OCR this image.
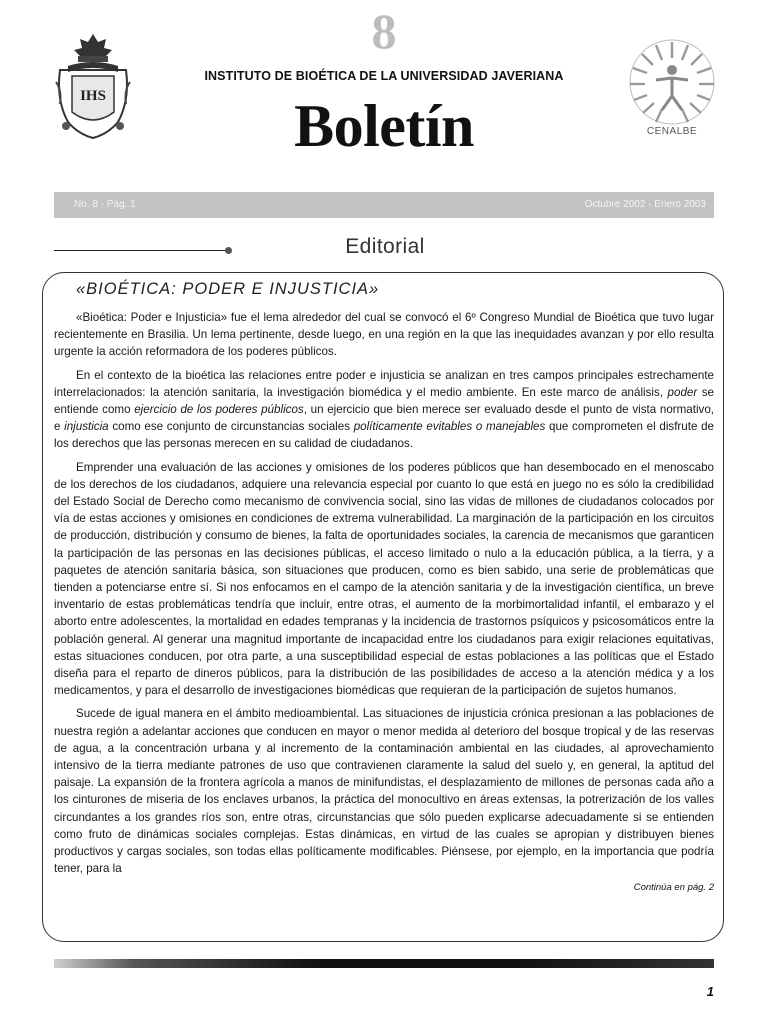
IHS
8
INSTITUTO DE BIOÉTICA DE LA UNIVERSIDAD JAVERIANA
Boletín	CENALBE
No. 8 - Pág. 1	Octubre 2002 - Enero 2003
Editorial
«BIOÉTICA: PODER E INJUSTICIA»

«Bioética: Poder e Injusticia» fue el lema alrededor del cual se convocó el 6º Congreso Mundial de Bioética que tuvo lugar recientemente en Brasilia. Un lema pertinente, desde luego, en una región en la que las inequidades avanzan y por ello resulta urgente la acción reformadora de los poderes públicos.

En el contexto de la bioética las relaciones entre poder e injusticia se analizan en tres campos principales estrechamente interrelacionados: la atención sanitaria, la investigación biomédica y el medio ambiente. En este marco de análisis, poder se entiende como ejercicio de los poderes públicos, un ejercicio que bien merece ser evaluado desde el punto de vista normativo, e injusticia como ese conjunto de circunstancias sociales políticamente evitables o manejables que comprometen el disfrute de los derechos que las personas merecen en su calidad de ciudadanos.

Emprender una evaluación de las acciones y omisiones de los poderes públicos que han desembocado en el menoscabo de los derechos de los ciudadanos, adquiere una relevancia especial por cuanto lo que está en juego no es sólo la credibilidad del Estado Social de Derecho como mecanismo de convivencia social, sino las vidas de millones de ciudadanos colocados por vía de estas acciones y omisiones en condiciones de extrema vulnerabilidad. La marginación de la participación en los circuitos de producción, distribución y consumo de bienes, la falta de oportunidades sociales, la carencia de mecanismos que garanticen la participación de las personas en las decisiones públicas, el acceso limitado o nulo a la educación pública, a la tierra, y a paquetes de atención sanitaria básica, son situaciones que producen, como es bien sabido, una serie de problemáticas que tienden a potenciarse entre sí. Si nos enfocamos en el campo de la atención sanitaria y de la investigación científica, un breve inventario de estas problemáticas tendría que incluir, entre otras, el aumento de la morbimortalidad infantil, el embarazo y el aborto entre adolescentes, la mortalidad en edades tempranas y la incidencia de trastornos psíquicos y psicosomáticos entre la población general. Al generar una magnitud importante de incapacidad entre los ciudadanos para exigir relaciones equitativas, estas situaciones conducen, por otra parte, a una susceptibilidad especial de estas poblaciones a las políticas que el Estado diseña para el reparto de dineros públicos, para la distribución de las posibilidades de acceso a la atención médica y a los medicamentos, y para el desarrollo de investigaciones biomédicas que requieran de la participación de sujetos humanos.

Sucede de igual manera en el ámbito medioambiental. Las situaciones de injusticia crónica presionan a las poblaciones de nuestra región a adelantar acciones que conducen en mayor o menor medida al deterioro del bosque tropical y de las reservas de agua, a la concentración urbana y al incremento de la contaminación ambiental en las ciudades, al aprovechamiento intensivo de la tierra mediante patrones de uso que contravienen claramente la salud del suelo y, en general, la aptitud del paisaje. La expansión de la frontera agrícola a manos de minifundistas, el desplazamiento de millones de personas cada año a los cinturones de miseria de los enclaves urbanos, la práctica del monocultivo en áreas extensas, la potrerización de los valles circundantes a los grandes ríos son, entre otras, circunstancias que sólo pueden explicarse adecuadamente si se entienden como fruto de dinámicas sociales complejas. Estas dinámicas, en virtud de las cuales se apropian y distribuyen bienes productivos y cargas sociales, son todas ellas políticamente modificables. Piénsese, por ejemplo, en la importancia que podría tener, para la

Continúa en pág. 2
1
